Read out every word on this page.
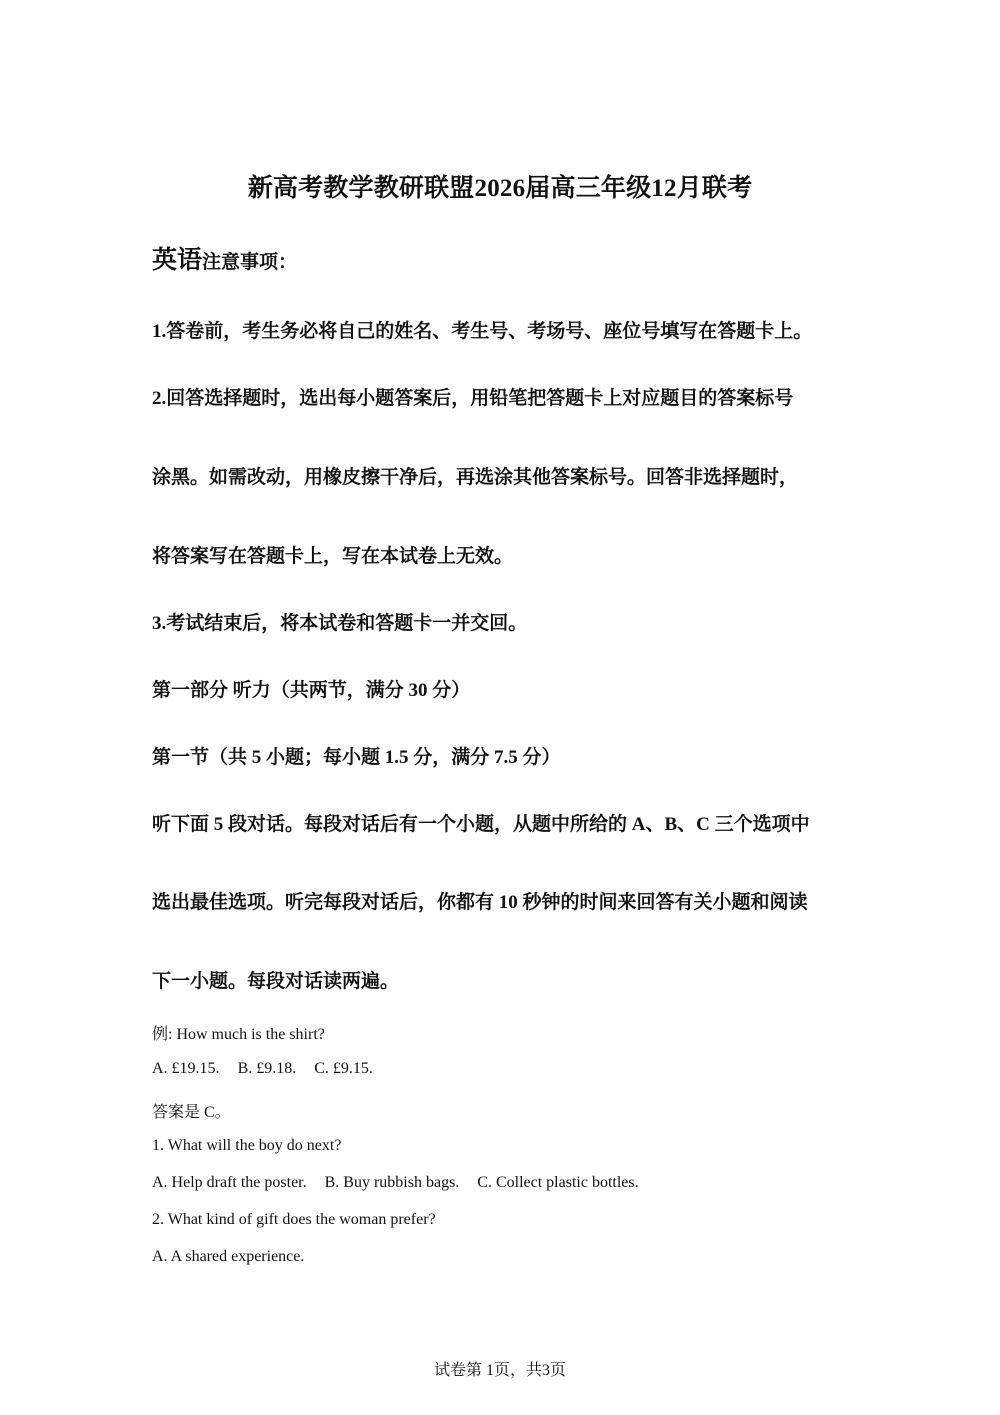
新高考教学教研联盟2026届高三年级12月联考
英语注意事项：
1.答卷前，考生务必将自己的姓名、考生号、考场号、座位号填写在答题卡上。
2.回答选择题时，选出每小题答案后，用铅笔把答题卡上对应题目的答案标号
涂黑。如需改动，用橡皮擦干净后，再选涂其他答案标号。回答非选择题时，
将答案写在答题卡上，写在本试卷上无效。
3.考试结束后，将本试卷和答题卡一并交回。
第一部分 听力（共两节，满分 30 分）
第一节（共 5 小题；每小题 1.5 分，满分 7.5 分）
听下面 5 段对话。每段对话后有一个小题，从题中所给的 A、B、C 三个选项中
选出最佳选项。听完每段对话后，你都有 10 秒钟的时间来回答有关小题和阅读
下一小题。每段对话读两遍。
例: How much is the shirt?
A. £19.15. B. £9.18. C. £9.15.
答案是 C。
1. What will the boy do next?
A. Help draft the poster. B. Buy rubbish bags. C. Collect plastic bottles.
2. What kind of gift does the woman prefer?
A. A shared experience.
试卷第 1页，共3页
